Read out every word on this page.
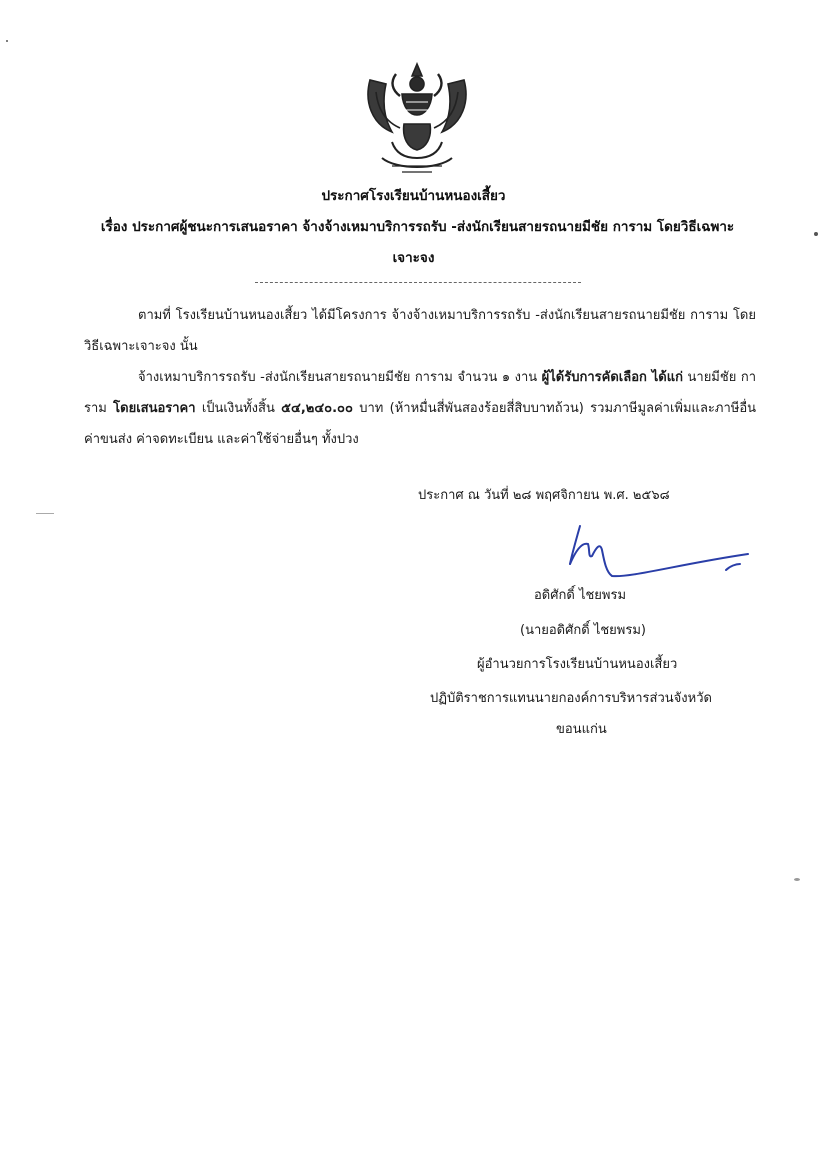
ประกาศโรงเรียนบ้านหนองเสี้ยว
เรื่อง ประกาศผู้ชนะการเสนอราคา จ้างจ้างเหมาบริการรถรับ -ส่งนักเรียนสายรถนายมีชัย การาม โดยวิธีเฉพาะ
เจาะจง
ตามที่ โรงเรียนบ้านหนองเสี้ยว ได้มีโครงการ จ้างจ้างเหมาบริการรถรับ -ส่งนักเรียนสายรถนายมีชัย การาม โดยวิธีเฉพาะเจาะจง นั้น
จ้างเหมาบริการรถรับ -ส่งนักเรียนสายรถนายมีชัย การาม จำนวน ๑ งาน ผู้ได้รับการคัดเลือก ได้แก่ นายมีชัย การาม โดยเสนอราคา เป็นเงินทั้งสิ้น ๕๔,๒๔๐.๐๐ บาท (ห้าหมื่นสี่พันสองร้อยสี่สิบบาทถ้วน) รวมภาษีมูลค่าเพิ่มและภาษีอื่น ค่าขนส่ง ค่าจดทะเบียน และค่าใช้จ่ายอื่นๆ ทั้งปวง
ประกาศ ณ วันที่ ๒๘ พฤศจิกายน พ.ศ. ๒๕๖๘
อดิศักดิ์ ไชยพรม
(นายอดิศักดิ์ ไชยพรม)
ผู้อำนวยการโรงเรียนบ้านหนองเสี้ยว
ปฏิบัติราชการแทนนายกองค์การบริหารส่วนจังหวัด
ขอนแก่น
